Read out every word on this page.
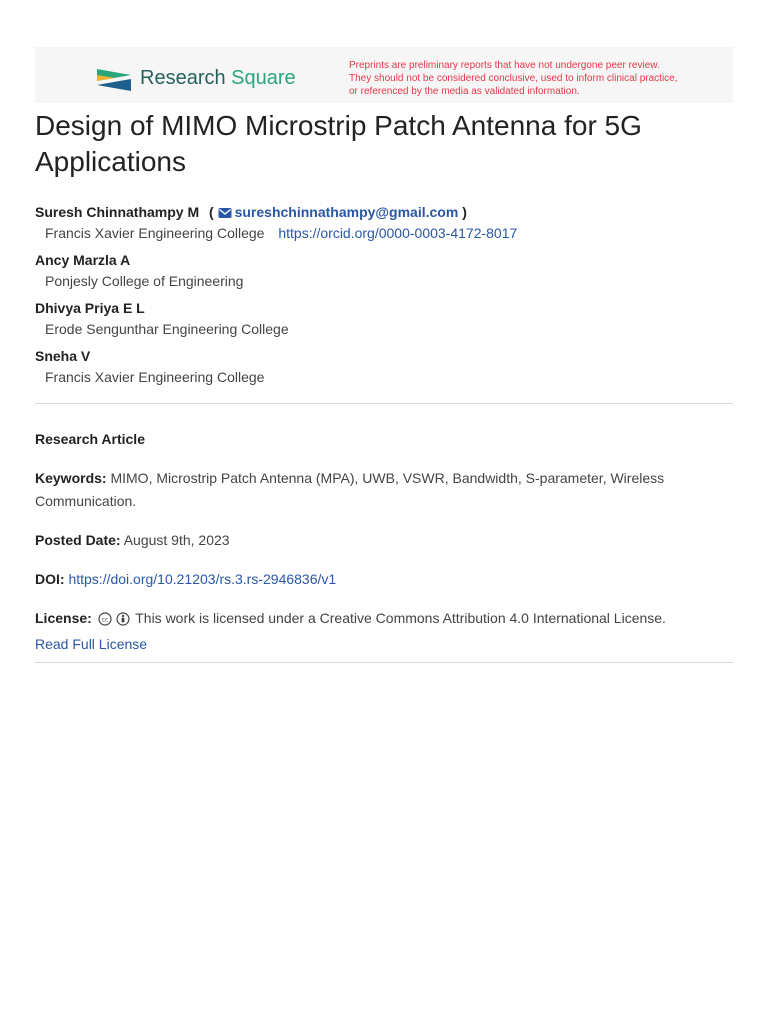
Research Square
Preprints are preliminary reports that have not undergone peer review.
They should not be considered conclusive, used to inform clinical practice,
or referenced by the media as validated information.
Design of MIMO Microstrip Patch Antenna for 5G Applications
Suresh Chinnathampy M ( sureshchinnathampy@gmail.com )
Francis Xavier Engineering College https://orcid.org/0000-0003-4172-8017
Ancy Marzla A
Ponjesly College of Engineering
Dhivya Priya E L
Erode Sengunthar Engineering College
Sneha V
Francis Xavier Engineering College

Research Article

Keywords: MIMO, Microstrip Patch Antenna (MPA), UWB, VSWR, Bandwidth, S-parameter, Wireless Communication.

Posted Date: August 9th, 2023

DOI: https://doi.org/10.21203/rs.3.rs-2946836/v1

License: cc This work is licensed under a Creative Commons Attribution 4.0 International License.
Read Full License
